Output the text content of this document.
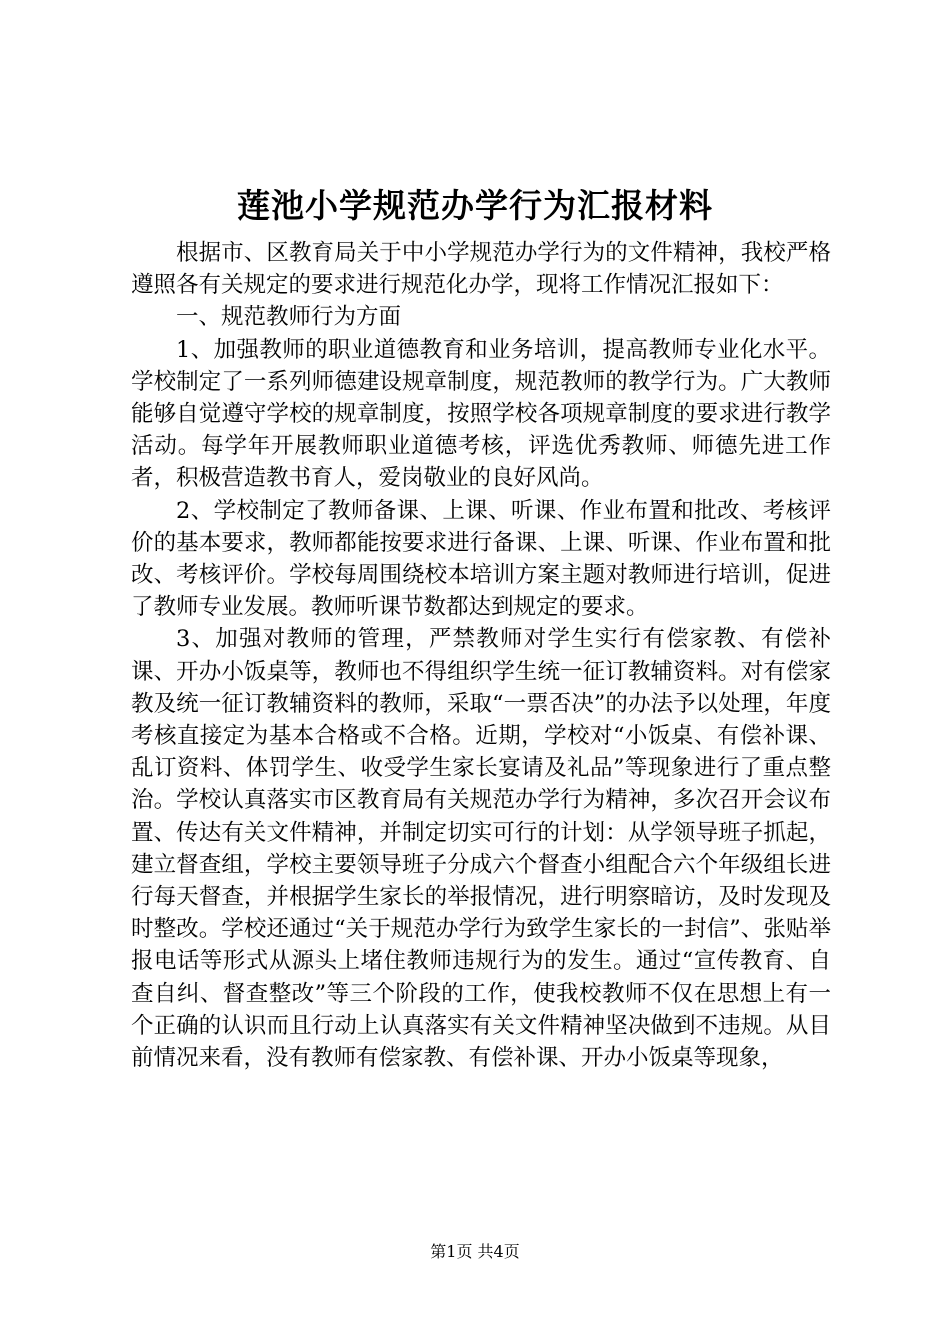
莲池小学规范办学行为汇报材料

根据市、区教育局关于中小学规范办学行为的文件精神，我校严格遵照各有关规定的要求进行规范化办学，现将工作情况汇报如下：

一、规范教师行为方面

1、加强教师的职业道德教育和业务培训，提高教师专业化水平。学校制定了一系列师德建设规章制度，规范教师的教学行为。广大教师能够自觉遵守学校的规章制度，按照学校各项规章制度的要求进行教学活动。每学年开展教师职业道德考核，评选优秀教师、师德先进工作者，积极营造教书育人，爱岗敬业的良好风尚。

2、学校制定了教师备课、上课、听课、作业布置和批改、考核评价的基本要求，教师都能按要求进行备课、上课、听课、作业布置和批改、考核评价。学校每周围绕校本培训方案主题对教师进行培训，促进了教师专业发展。教师听课节数都达到规定的要求。

3、加强对教师的管理，严禁教师对学生实行有偿家教、有偿补课、开办小饭桌等，教师也不得组织学生统一征订教辅资料。对有偿家教及统一征订教辅资料的教师，采取“一票否决”的办法予以处理，年度考核直接定为基本合格或不合格。近期，学校对“小饭桌、有偿补课、乱订资料、体罚学生、收受学生家长宴请及礼品”等现象进行了重点整治。学校认真落实市区教育局有关规范办学行为精神，多次召开会议布置、传达有关文件精神，并制定切实可行的计划：从学领导班子抓起，建立督查组，学校主要领导班子分成六个督查小组配合六个年级组长进行每天督查，并根据学生家长的举报情况，进行明察暗访，及时发现及时整改。学校还通过“关于规范办学行为致学生家长的一封信”、张贴举报电话等形式从源头上堵住教师违规行为的发生。通过“宣传教育、自查自纠、督查整改”等三个阶段的工作，使我校教师不仅在思想上有一个正确的认识而且行动上认真落实有关文件精神坚决做到不违规。从目前情况来看，没有教师有偿家教、有偿补课、开办小饭桌等现象，

第1页 共4页
